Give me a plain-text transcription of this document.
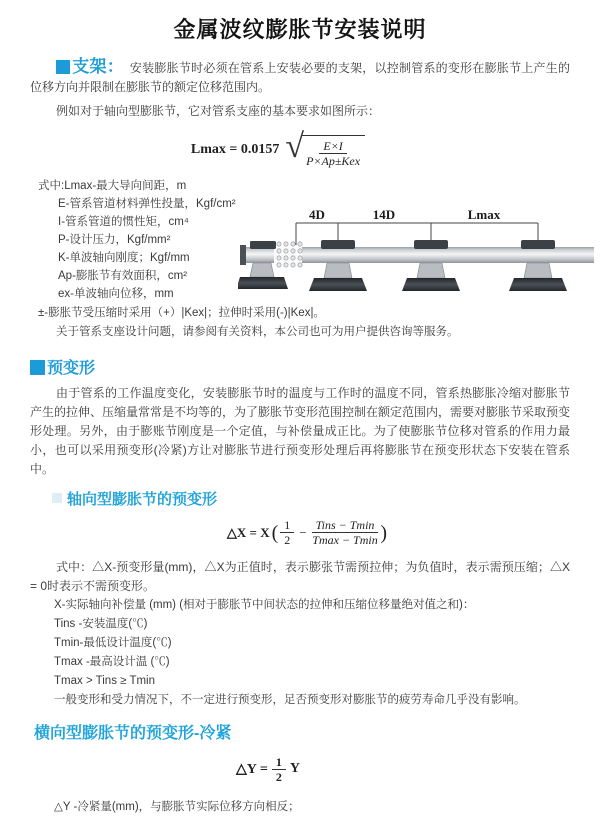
金属波纹膨胀节安装说明
支架： 安装膨胀节时必须在管系上安装必要的支架，以控制管系的变形在膨胀节上产生的位移方向并限制在膨胀节的额定位移范围内。
例如对于轴向型膨胀节，它对管系支座的基本要求如图所示：
Lmax = 0.0157 √ $\frac{E\times I}{\text{P×Ap±Kex}}$
式中:Lmax-最大导向间距，m
E-管系管道材料弹性投量，Kgf/cm²
I-管系管道的惯性矩，cm⁴
P-设计压力，Kgf/mm²
K-单波轴向刚度；Kgf/mm
Ap-膨胀节有效面积，cm²
ex-单波轴向位移，mm
4D	14D	Lmax
±-膨胀节受压缩时采用（+）|Kex|；拉伸时采用(-)|Kex|。
关于管系支座设计问题，请参阅有关资料，本公司也可为用户提供咨询等服务。
预变形
由于管系的工作温度变化，安装膨胀节时的温度与工作时的温度不同，管系热膨胀冷缩对膨胀节产生的拉伸、压缩量常常是不均等的，为了膨胀节变形范围控制在额定范围内，需要对膨胀节采取预变形处理。另外，由于膨账节刚度是一个定值，与补偿量成正比。为了使膨胀节位移对管系的作用力最小，也可以采用预变形(冷紧)方让对膨胀节进行预变形处理后再将膨胀节在预变形状态下安装在管系中。
轴向型膨胀节的预变形
△X = X ( $\frac{1}{2} - \frac{\text{Tins − Tmin}}{Tmax - Tmin}$ )
式中：△X-预变形量(mm)，△X为正值时，表示膨张节需预拉伸；为负值时，表示需预压缩；△X = 0时表示不需预变形。
X-实际轴向补偿量 (mm) (相对于膨胀节中间状态的拉伸和压缩位移量绝对值之和)：
Tins -安装温度(℃)
Tmin-最低设计温度(℃)
Tmax -最高设计温 (℃)
Tmax > Tins ≥ Tmin
一般变形和受力情况下，不一定进行预变形，足否预变形对膨胀节的疲劳寿命几乎没有影响。
横向型膨胀节的预变形-冷紧
△Y = $\frac{1}{2}$ Y
△Y -冷紧量(mm)，与膨胀节实际位移方向相反；
